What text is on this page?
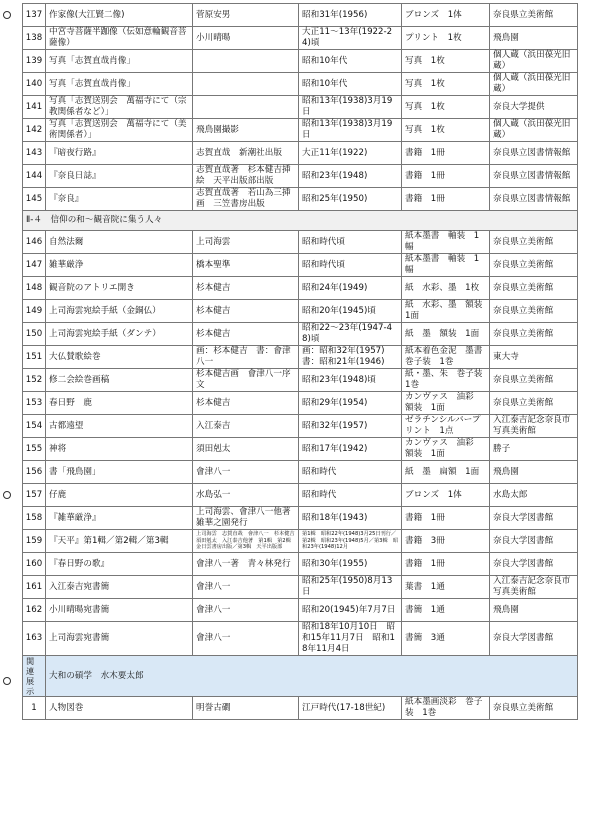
137	作家像(大江賢二像)	菅原安男	昭和31年(1956)	ブロンズ　1体	奈良県立美術館
138	中宮寺菩薩半跏像（伝如意輪観音菩薩像）	小川晴暘	大正11～13年(1922-24)頃	プリント　1枚	飛鳥園
139	写真「志賀直哉肖像」		昭和10年代	写真　1枚	個人蔵（浜田葆光旧蔵）
140	写真「志賀直哉肖像」		昭和10年代	写真　1枚	個人蔵（浜田葆光旧蔵）
141	写真「志賀送別会　萬福寺にて（宗教関係者など）」		昭和13年(1938)3月19日	写真　1枚	奈良大学提供
142	写真「志賀送別会　萬福寺にて（美術関係者）」	飛鳥園撮影	昭和13年(1938)3月19日	写真　1枚	個人蔵（浜田葆光旧蔵）
143	『暗夜行路』	志賀直哉　新潮社出版	大正11年(1922)	書籍　1冊	奈良県立図書情報館
144	『奈良日誌』	志賀直哉著　杉本健吉挿絵　天平出版部出版	昭和23年(1948)	書籍　1冊	奈良県立図書情報館
145	『奈良』	志賀直哉著　若山為三挿画　三笠書房出版	昭和25年(1950)	書籍　1冊	奈良県立図書情報館
Ⅱ-４　信仰の和～観音院に集う人々					
146	自然法爾	上司海雲	昭和時代頃	紙本墨書　軸装　1幅	奈良県立美術館
147	雑華厳浄	橋本聖準	昭和時代頃	紙本墨書　軸装　1幅	奈良県立美術館
148	観音院のアトリエ開き	杉本健吉	昭和24年(1949)	紙　水彩、墨　1枚	奈良県立美術館
149	上司海雲宛絵手紙（金銅仏）	杉本健吉	昭和20年(1945)頃	紙　水彩、墨　額装　1面	奈良県立美術館
150	上司海雲宛絵手紙（ダンテ）	杉本健吉	昭和22～23年(1947-48)頃	紙　墨　額装　1面	奈良県立美術館
151	大仏賛歌絵巻	画：杉本健吉　書：會津八一	画：昭和32年(1957)　書：昭和21年(1946)	紙本着色金泥　墨書　巻子装　1巻	東大寺
152	修二会絵巻画稿	杉本健吉画　會津八一序文	昭和23年(1948)頃	紙・墨、朱　巻子装　1巻	奈良県立美術館
153	春日野　鹿	杉本健吉	昭和29年(1954)	カンヴァス　油彩　額装　1面	奈良県立美術館
154	古都遠望	入江泰吉	昭和32年(1957)	ゼラチンシルバープリント　1点	入江泰吉記念奈良市写真美術館
155	神将	須田剋太	昭和17年(1942)	カンヴァス　油彩　額装　1面	勝子
156	書「飛鳥園」	會津八一	昭和時代	紙　墨　扁額　1面	飛鳥園
157	仔鹿	水島弘一	昭和時代	ブロンズ　1体	水島太郎
158	『雑華厳浄』	上司海雲、會津八一他著　雑華之園発行	昭和18年(1943)	書籍　1冊	奈良大学図書館
159	『天平』第1輯／第2輯／第3輯	上司海雲　志賀直哉　會津八一　杉本健吉　須田剋太　入江泰吉他著　第1輯　第2輯　金日雲書房出版／第3輯　天平出版部	第1輯　昭和22年(1948)3月25日刊行／第2輯　昭和23年(1948)5月／第3輯　昭和23年(1948)12月	書籍　3冊	奈良大学図書館
160	『春日野の歌』	會津八一著　青々林発行	昭和30年(1955)	書籍　1冊	奈良大学図書館
161	入江泰吉宛書簡	會津八一	昭和25年(1950)8月13日	葉書　1通	入江泰吉記念奈良市写真美術館
162	小川晴暘宛書簡	會津八一	昭和20(1945)年7月7日	書簡　1通	飛鳥園
163	上司海雲宛書簡	會津八一	昭和18年10月10日　昭和15年11月7日　昭和18年11月4日	書簡　3通	奈良大学図書館
関連展示	大和の碩学　水木要太郎				
1	人物図巻	明誉古磵	江戸時代(17-18世紀)	紙本墨画淡彩　巻子装　1巻	奈良県立美術館
